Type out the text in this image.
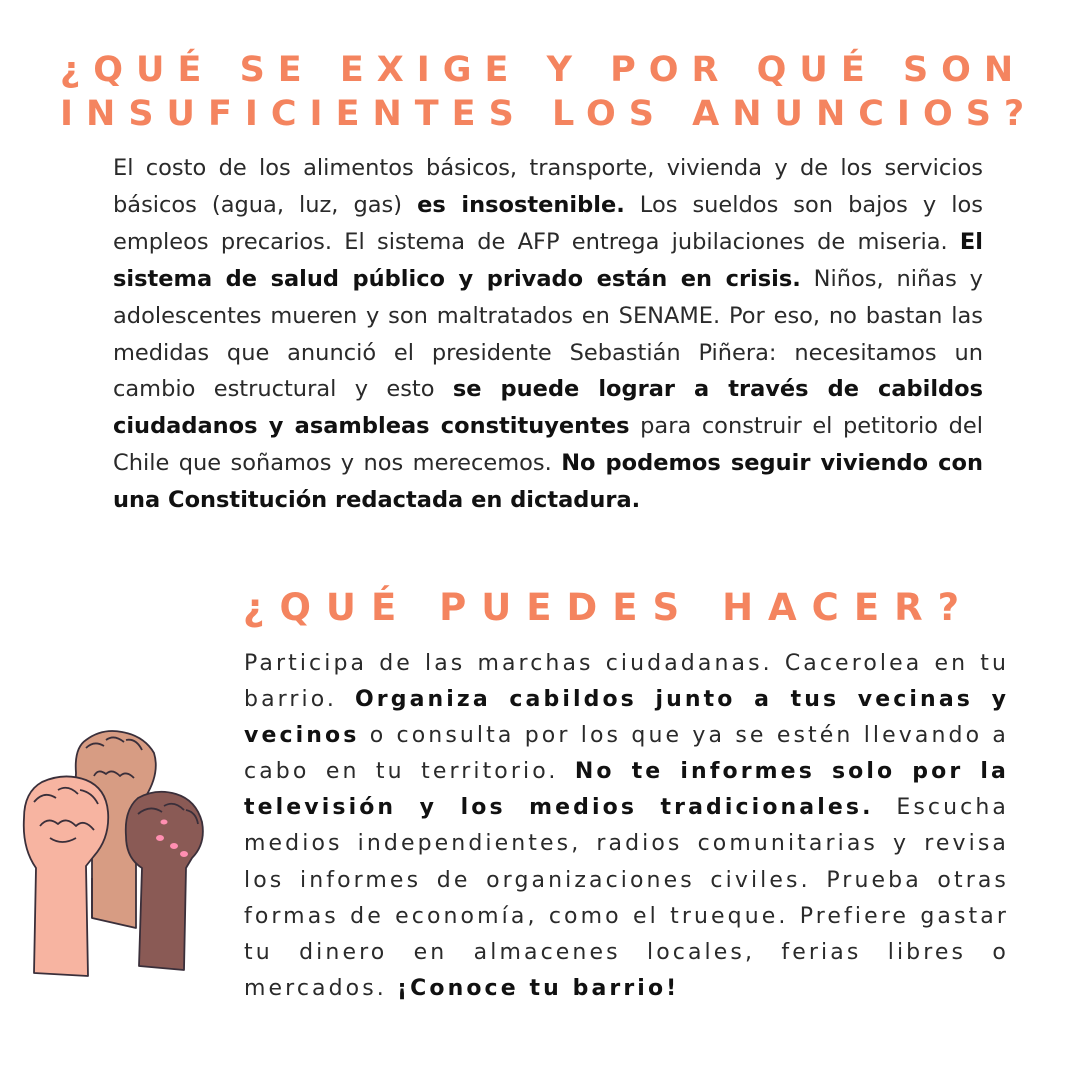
¿QUÉ SE EXIGE Y POR QUÉ SON
INSUFICIENTES LOS ANUNCIOS?

El costo de los alimentos básicos, transporte, vivienda y de los servicios básicos (agua, luz, gas) es insostenible. Los sueldos son bajos y los empleos precarios. El sistema de AFP entrega jubilaciones de miseria. El sistema de salud público y privado están en crisis. Niños, niñas y adolescentes mueren y son maltratados en SENAME. Por eso, no bastan las medidas que anunció el presidente Sebastián Piñera: necesitamos un cambio estructural y esto se puede lograr a través de cabildos ciudadanos y asambleas constituyentes para construir el petitorio del Chile que soñamos y nos merecemos. No podemos seguir viviendo con una Constitución redactada en dictadura.

¿QUÉ PUEDES HACER?

Participa de las marchas ciudadanas. Cacerolea en tu barrio. Organiza cabildos junto a tus vecinas y vecinos o consulta por los que ya se estén llevando a cabo en tu territorio. No te informes solo por la televisión y los medios tradicionales. Escucha medios independientes, radios comunitarias y revisa los informes de organizaciones civiles. Prueba otras formas de economía, como el trueque. Prefiere gastar tu dinero en almacenes locales, ferias libres o mercados. ¡Conoce tu barrio!
